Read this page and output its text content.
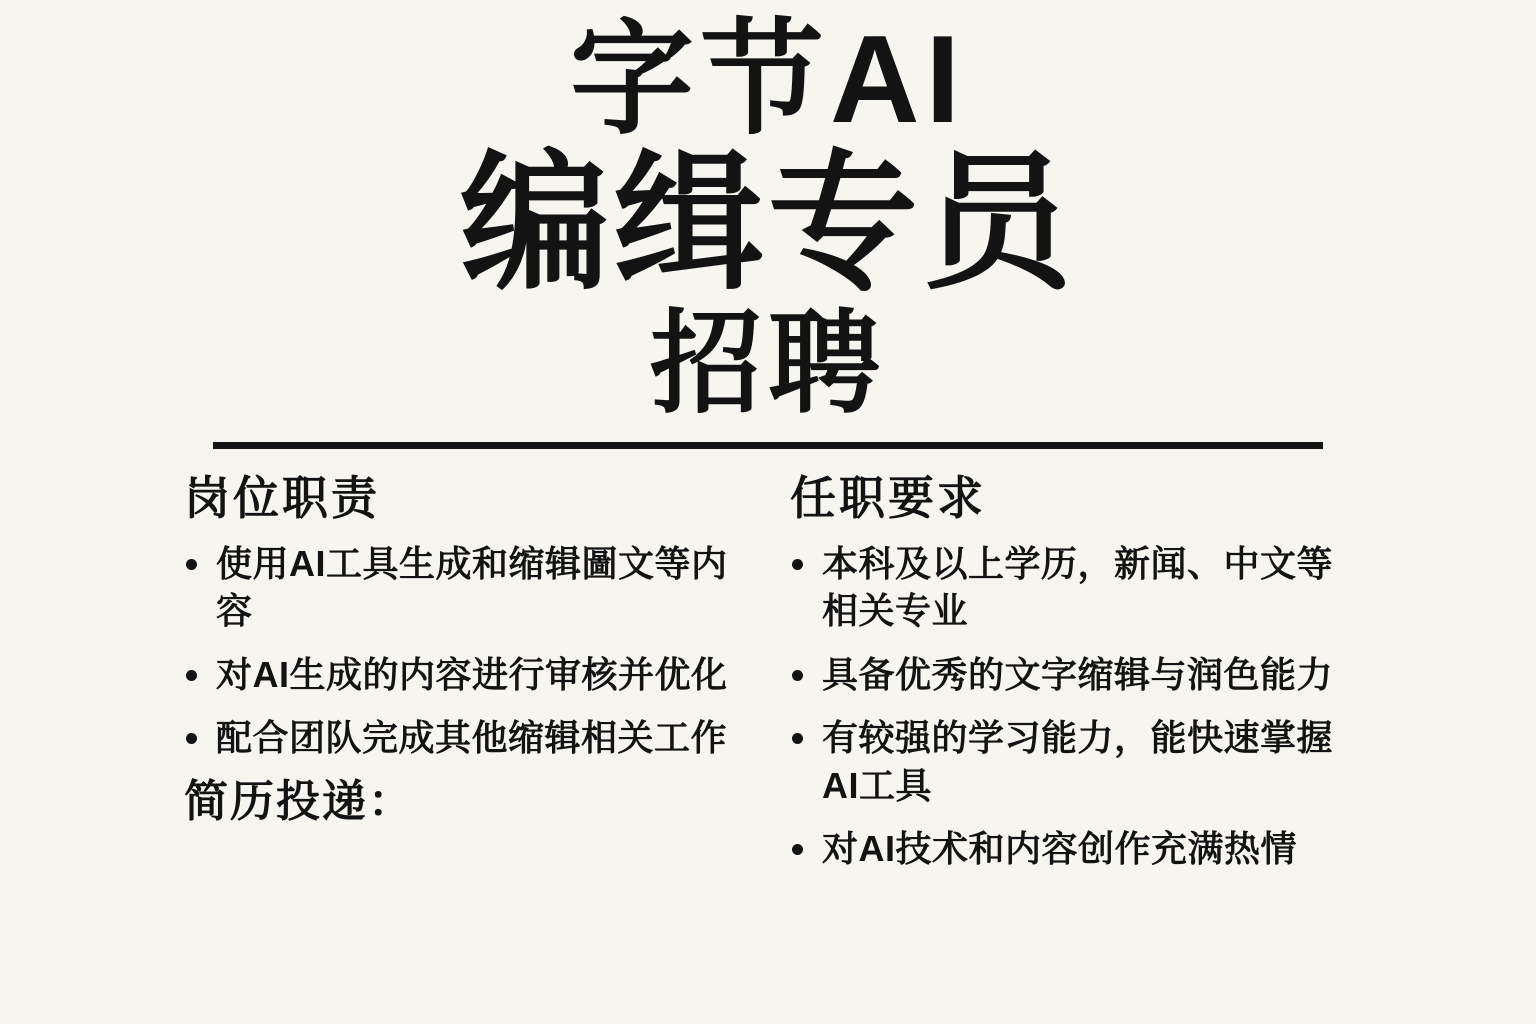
字节AI
编缉专员
招聘
岗位职责
使用AI工具生成和缩辑圖文等内容
对AI生成的内容进行审核并优化
配合团队完成其他缩辑相关工作
简历投递：
任职要求
本科及以上学历，新闻、中文等相关专业
具备优秀的文字缩辑与润色能力
有较强的学习能力，能快速掌握AI工具
对AI技术和内容创作充满热情
